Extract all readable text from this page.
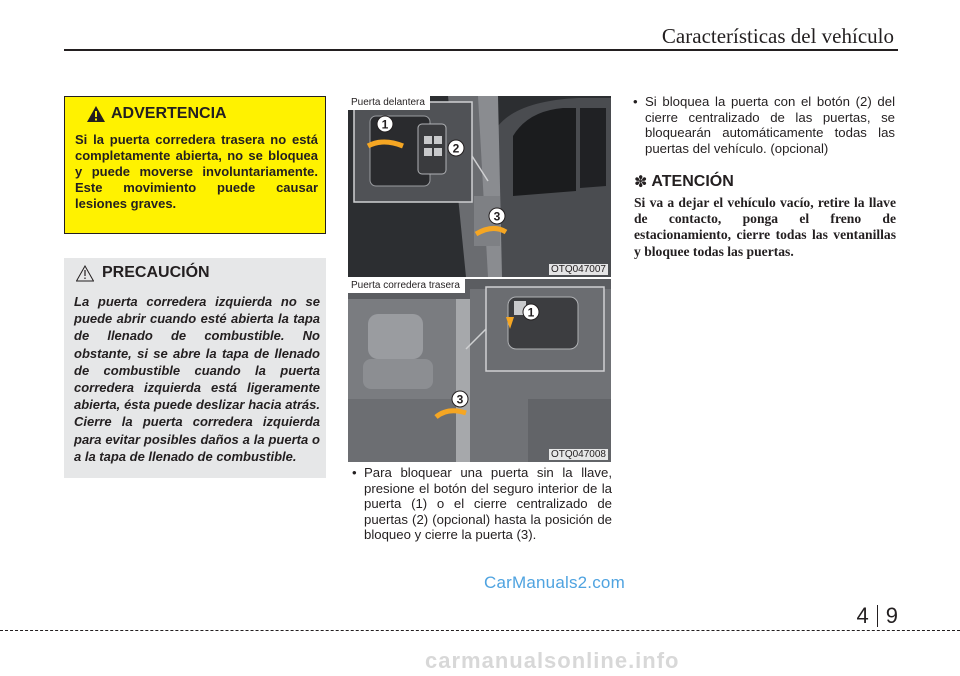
Características del vehículo
ADVERTENCIA
Si la puerta corredera trasera no está completamente abierta, no se bloquea y puede moverse involuntariamente. Este movimiento puede causar lesiones graves.
PRECAUCIÓN
La puerta corredera izquierda no se puede abrir cuando esté abierta la tapa de llenado de combustible. No obstante, si se abre la tapa de llenado de combustible cuando la puerta corredera izquierda está ligeramente abierta, ésta puede deslizar hacia atrás. Cierre la puerta corredera izquierda para evitar posibles daños a la puerta o a la tapa de llenado de combustible.
1
2
3
Puerta delantera
OTQ047007
1
3
Puerta corredera trasera
OTQ047008
• Para bloquear una puerta sin la llave, presione el botón del seguro interior de la puerta (1) o el cierre centralizado de puertas (2) (opcional) hasta la posición de bloqueo y cierre la puerta (3).
• Si bloquea la puerta con el botón (2) del cierre centralizado de las puertas, se bloquearán automáticamente todas las puertas del vehículo. (opcional)
✽ ATENCIÓN
Si va a dejar el vehículo vacío, retire la llave de contacto, ponga el freno de estacionamiento, cierre todas las ventanillas y bloquee todas las puertas.
CarManuals2.com
4 9
carmanualsonline.info
